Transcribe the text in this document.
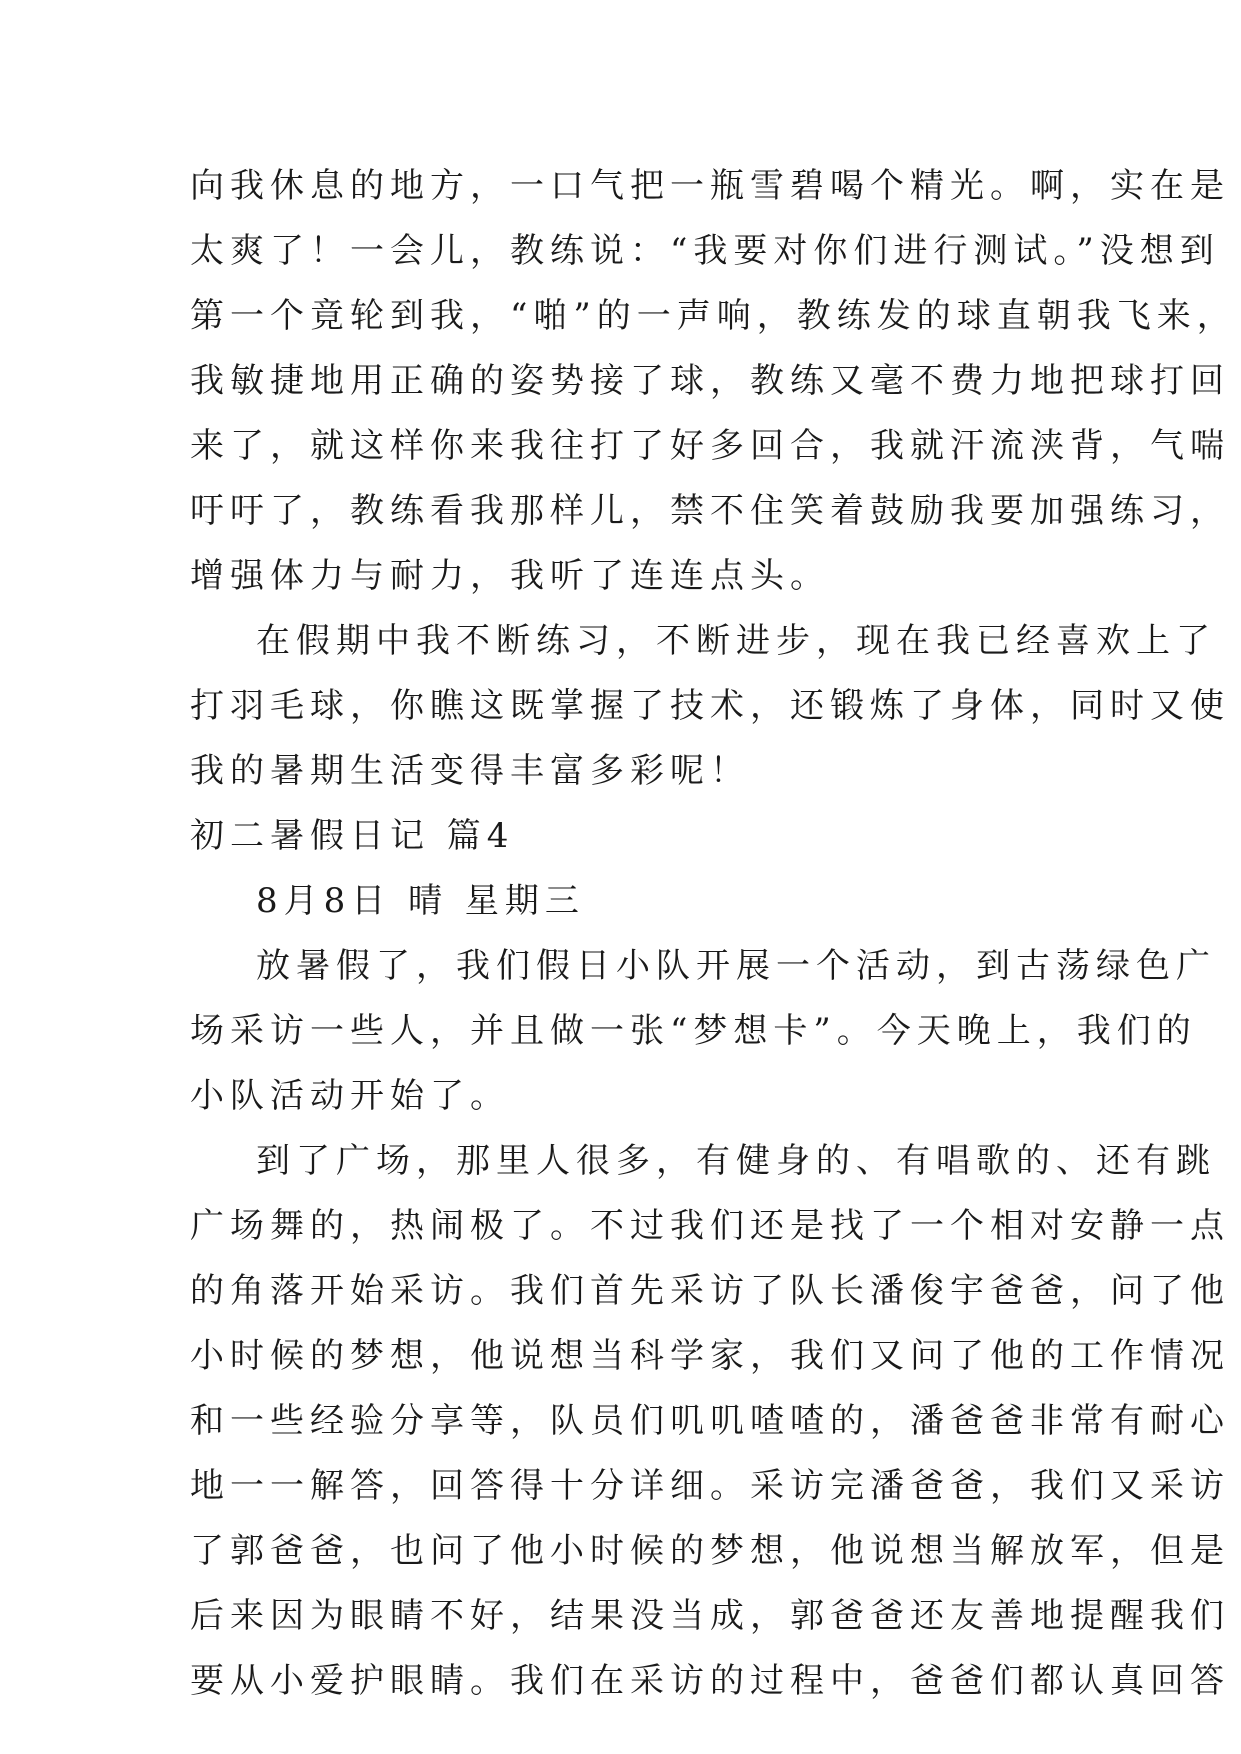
向我休息的地方，一口气把一瓶雪碧喝个精光。啊，实在是
太爽了！一会儿，教练说：“我要对你们进行测试。”没想到
第一个竟轮到我，“啪”的一声响，教练发的球直朝我飞来，
我敏捷地用正确的姿势接了球，教练又毫不费力地把球打回
来了，就这样你来我往打了好多回合，我就汗流浃背，气喘
吁吁了，教练看我那样儿，禁不住笑着鼓励我要加强练习，
增强体力与耐力，我听了连连点头。
在假期中我不断练习，不断进步，现在我已经喜欢上了
打羽毛球，你瞧这既掌握了技术，还锻炼了身体，同时又使
我的暑期生活变得丰富多彩呢！
初二暑假日记 篇4
8月8日 晴 星期三
放暑假了，我们假日小队开展一个活动，到古荡绿色广
场采访一些人，并且做一张“梦想卡”。今天晚上，我们的
小队活动开始了。
到了广场，那里人很多，有健身的、有唱歌的、还有跳
广场舞的，热闹极了。不过我们还是找了一个相对安静一点
的角落开始采访。我们首先采访了队长潘俊宇爸爸，问了他
小时候的梦想，他说想当科学家，我们又问了他的工作情况
和一些经验分享等，队员们叽叽喳喳的，潘爸爸非常有耐心
地一一解答，回答得十分详细。采访完潘爸爸，我们又采访
了郭爸爸，也问了他小时候的梦想，他说想当解放军，但是
后来因为眼睛不好，结果没当成，郭爸爸还友善地提醒我们
要从小爱护眼睛。我们在采访的过程中，爸爸们都认真回答
